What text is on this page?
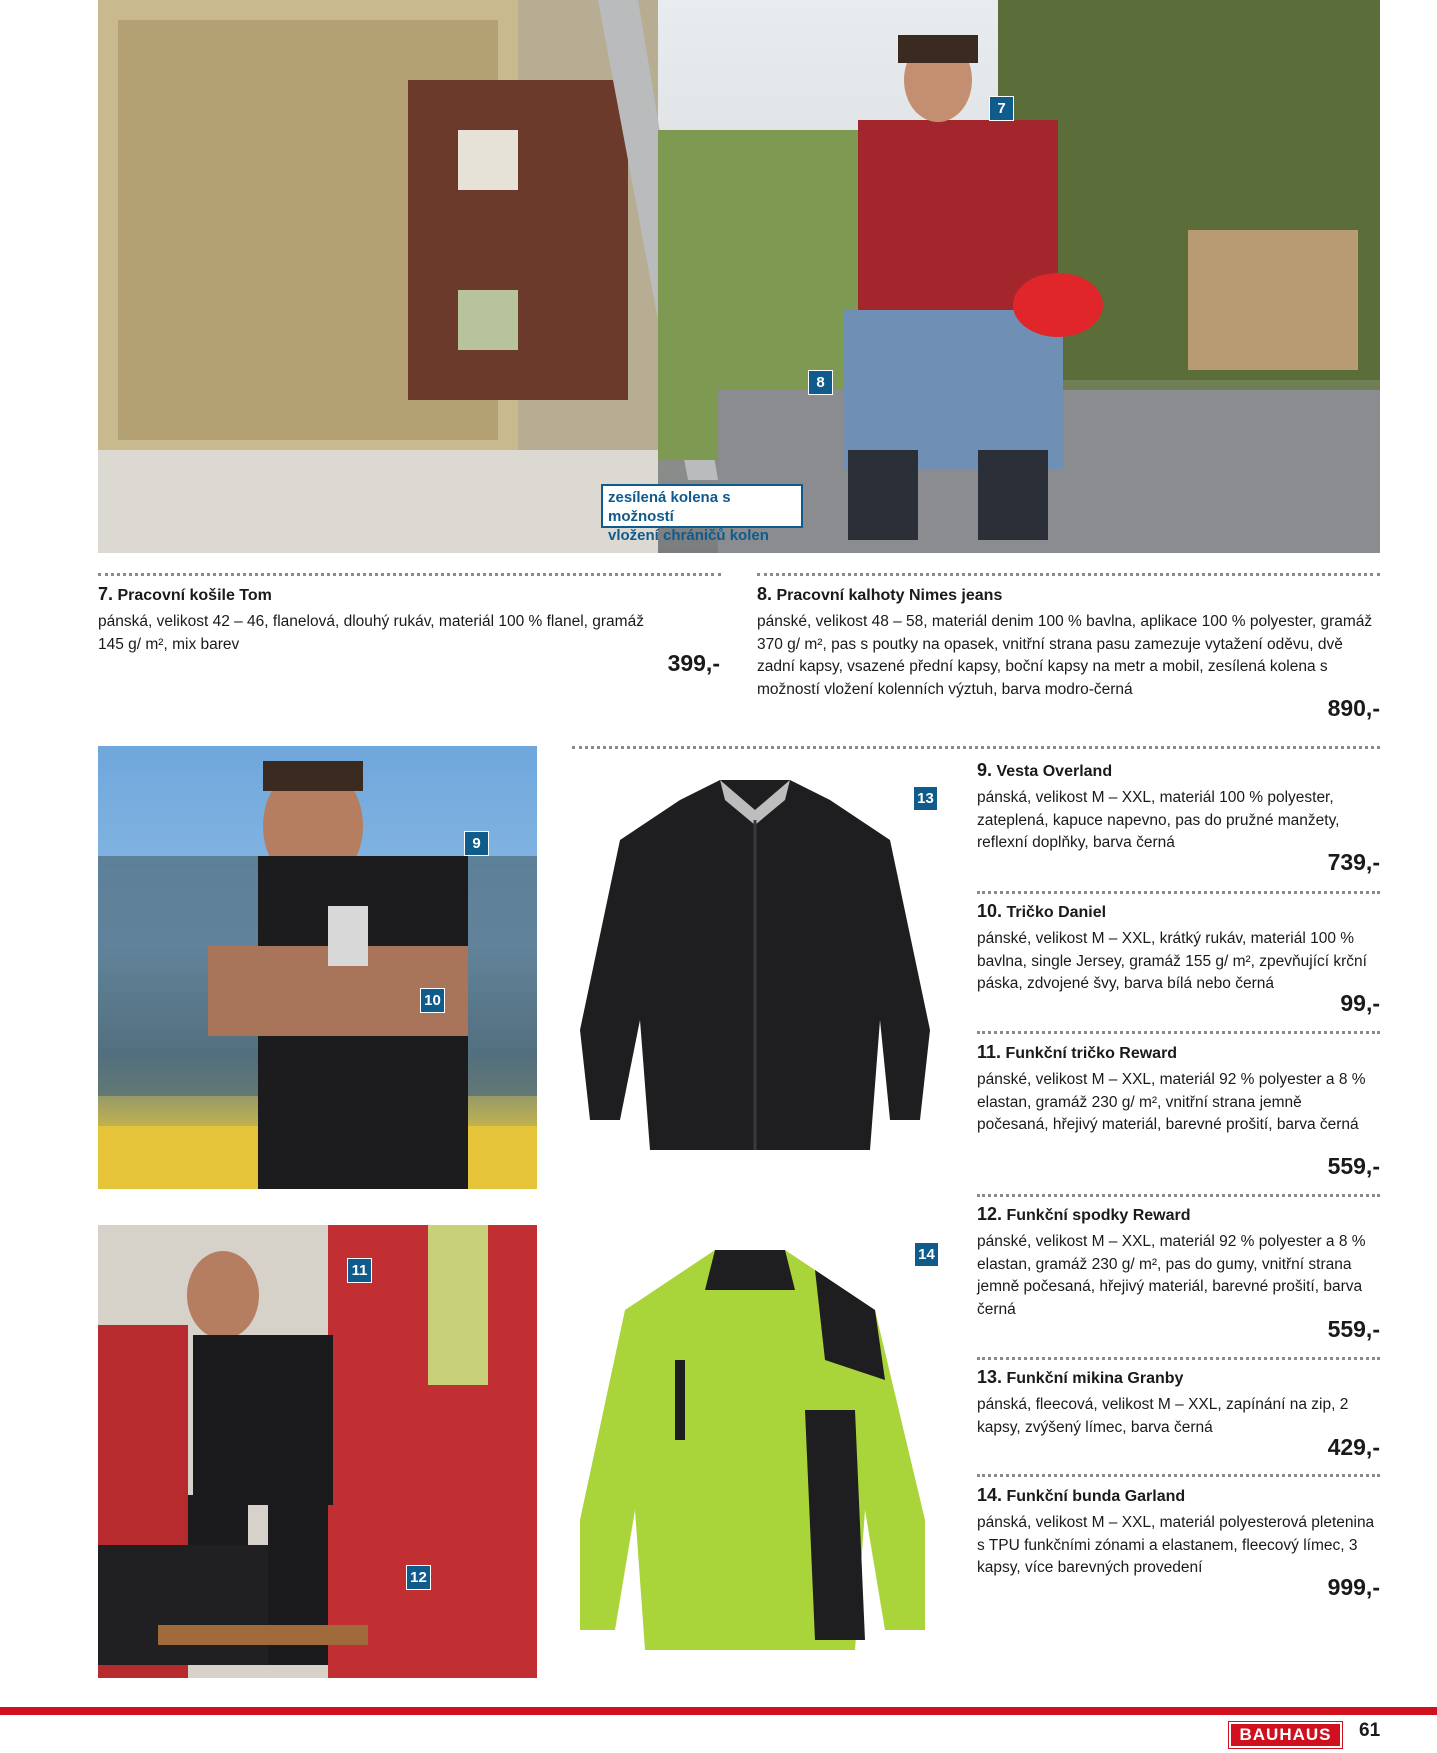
7
8
zesílená kolena s možností
vložení chráničů kolen

7. Pracovní košile Tom

pánská, velikost 42 – 46, flanelová, dlouhý rukáv, materiál 100 % flanel, gramáž 145 g/ m², mix barev

399,-

8. Pracovní kalhoty Nimes jeans

pánské, velikost 48 – 58, materiál denim 100 % bavlna, aplikace 100 % polyester, gramáž 370 g/ m², pas s poutky na opasek, vnitřní strana pasu zamezuje vytažení oděvu, dvě zadní kapsy, vsazené přední kapsy, boční kapsy na metr a mobil, zesílená kolena s možností vložení kolenních výztuh, barva modro-černá

890,-
9
10
13
11
12
14

9. Vesta Overland

pánská, velikost M – XXL, materiál 100 % polyester, zateplená, kapuce napevno, pas do pružné manžety, reflexní doplňky, barva černá

739,-

10. Tričko Daniel

pánské, velikost M – XXL, krátký rukáv, materiál 100 % bavlna, single Jersey, gramáž 155 g/ m², zpevňující krční páska, zdvojené švy, barva bílá nebo černá

99,-

11. Funkční tričko Reward

pánské, velikost M – XXL, materiál 92 % polyester a 8 % elastan, gramáž 230 g/ m², vnitřní strana jemně počesaná, hřejivý materiál, barevné prošití, barva černá

559,-

12. Funkční spodky Reward

pánské, velikost M – XXL, materiál 92 % polyester a 8 % elastan, gramáž 230 g/ m², pas do gumy, vnitřní strana jemně počesaná, hřejivý materiál, barevné prošití, barva černá

559,-

13. Funkční mikina Granby

pánská, fleecová, velikost M – XXL, zapínání na zip, 2 kapsy, zvýšený límec, barva černá

429,-

14. Funkční bunda Garland

pánská, velikost M – XXL, materiál polyesterová pletenina s TPU funkčními zónami a elastanem, fleecový límec, 3 kapsy, více barevných provedení

999,-
BAUHAUS	61
